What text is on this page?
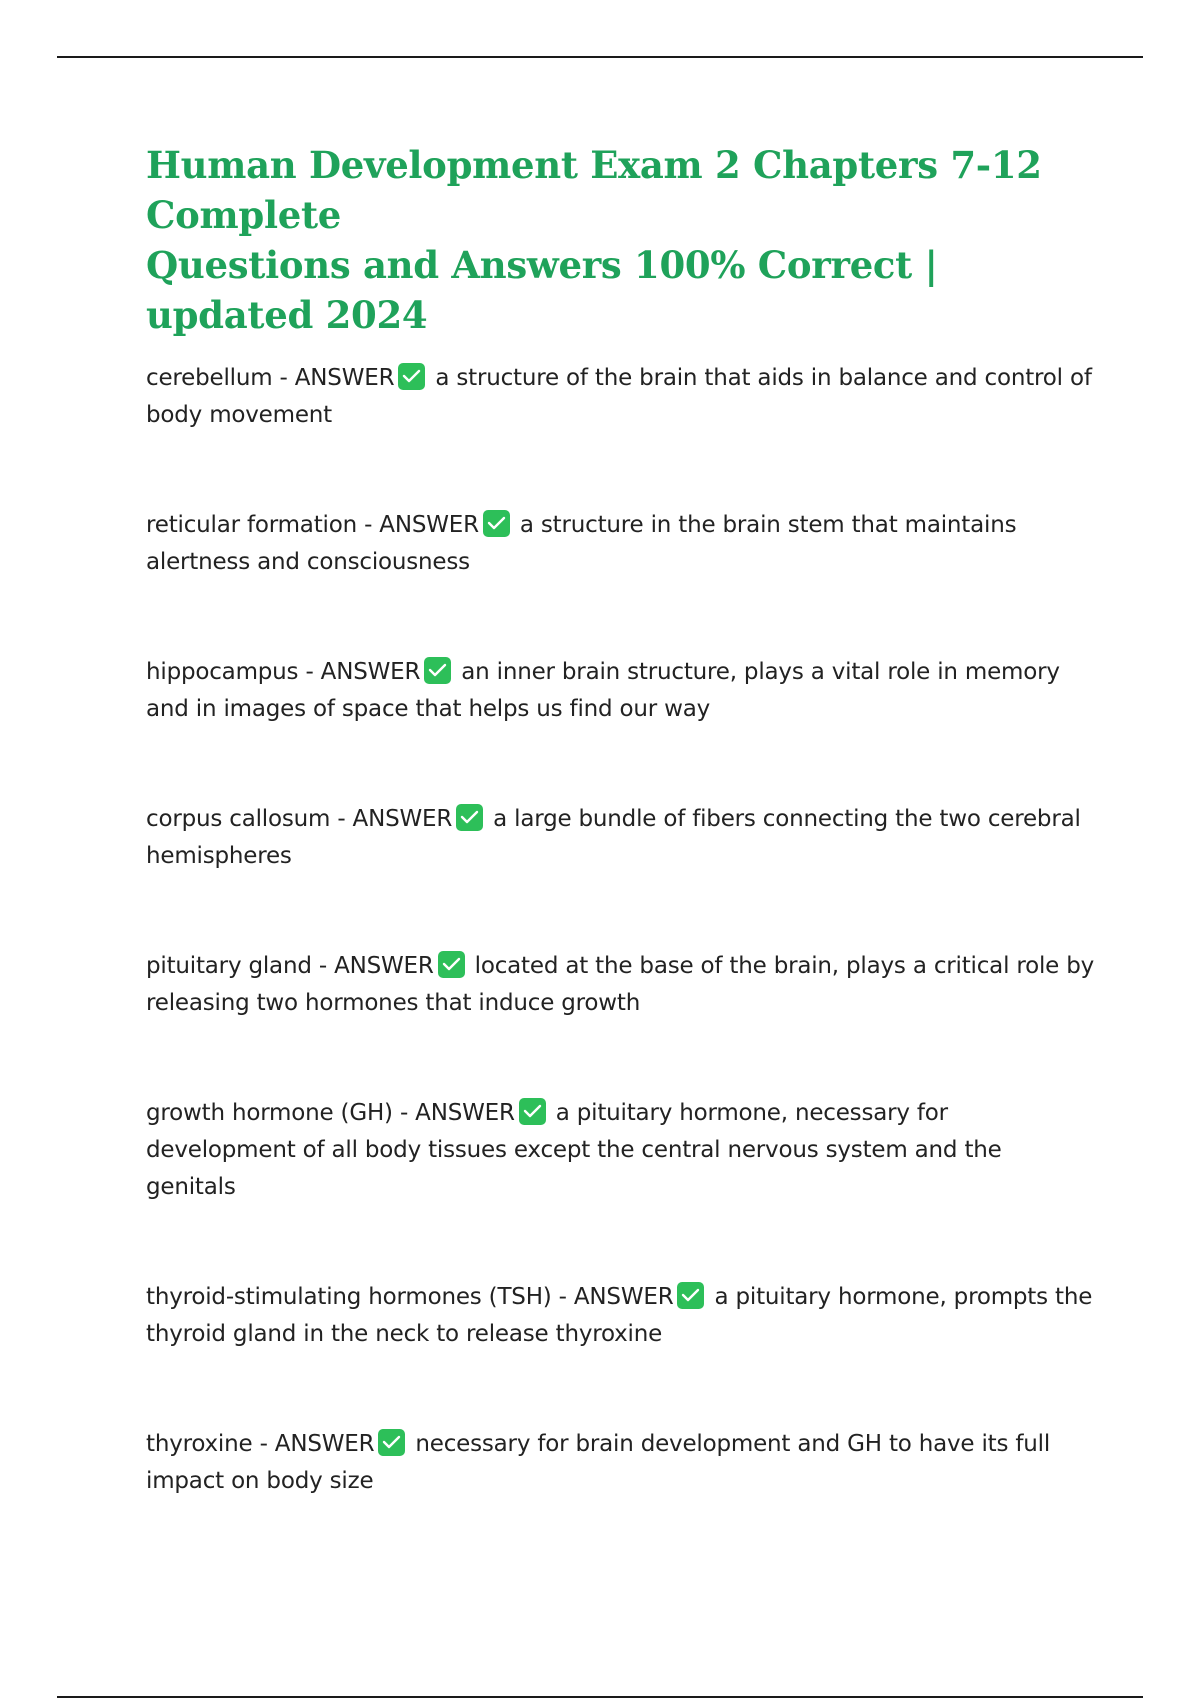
Human Development Exam 2 Chapters 7-12 Complete
Questions and Answers 100% Correct | updated 2024
cerebellum - ANSWER a structure of the brain that aids in balance and control of body movement
reticular formation - ANSWER a structure in the brain stem that maintains alertness and consciousness
hippocampus - ANSWER an inner brain structure, plays a vital role in memory and in images of space that helps us find our way
corpus callosum - ANSWER a large bundle of fibers connecting the two cerebral hemispheres
pituitary gland - ANSWER located at the base of the brain, plays a critical role by releasing two hormones that induce growth
growth hormone (GH) - ANSWER a pituitary hormone, necessary for development of all body tissues except the central nervous system and the genitals
thyroid-stimulating hormones (TSH) - ANSWER a pituitary hormone, prompts the thyroid gland in the neck to release thyroxine
thyroxine - ANSWER necessary for brain development and GH to have its full impact on body size
